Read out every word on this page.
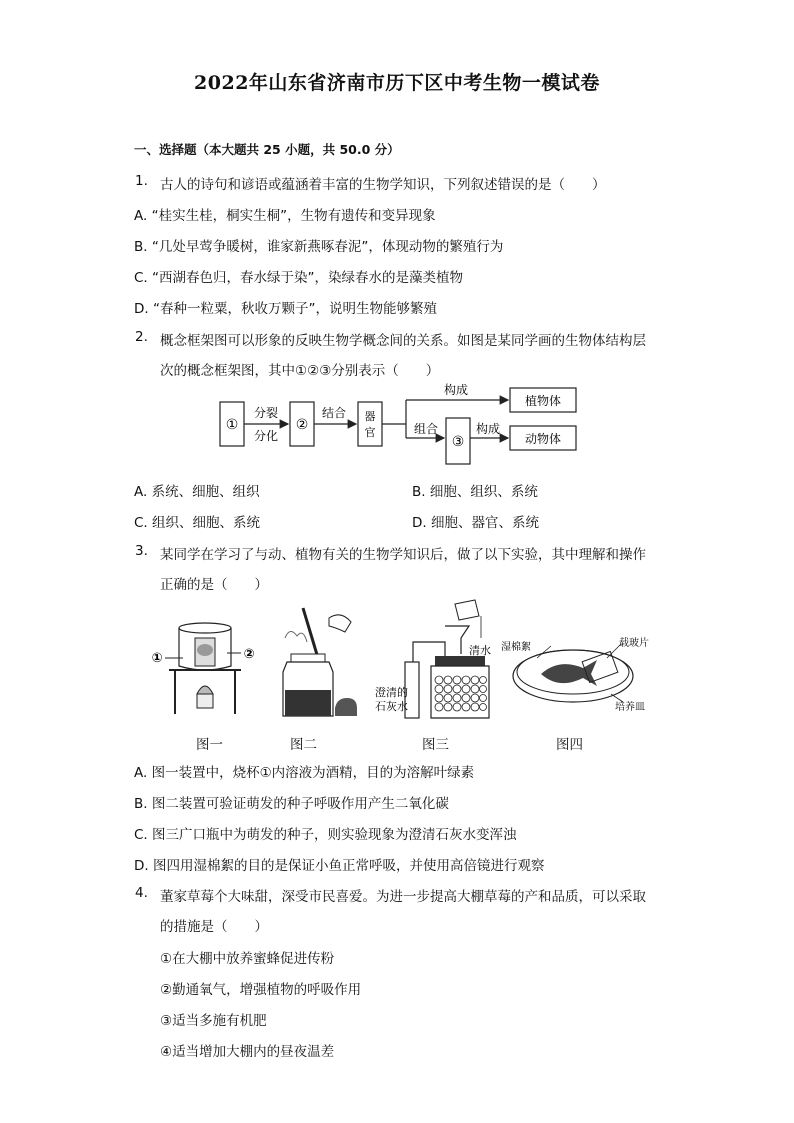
2022年山东省济南市历下区中考生物一模试卷
一、选择题（本大题共 25 小题，共 50.0 分）
1. 古人的诗句和谚语或蕴涵着丰富的生物学知识，下列叙述错误的是（　　）
A. “桂实生桂，桐实生桐”，生物有遗传和变异现象
B. “几处早莺争暖树，谁家新燕啄春泥”，体现动物的繁殖行为
C. “西湖春色归，春水绿于染”，染绿春水的是藻类植物
D. “春种一粒粟，秋收万颗子”，说明生物能够繁殖
2. 概念框架图可以形象的反映生物学概念间的关系。如图是某同学画的生物体结构层
次的概念框架图，其中①②③分别表示（　　）
①
分裂
分化
②
结合 器
官
构成
植物体
组合
③
构成
动物体
A. 系统、细胞、组织	B. 细胞、组织、系统
C. 组织、细胞、系统	D. 细胞、器官、系统
3. 某同学在学习了与动、植物有关的生物学知识后，做了以下实验，其中理解和操作
正确的是（　　）
①	②	清水
澄清的
石灰水
湿棉絮	载玻片
培养皿
图一	图二	图三	图四
A. 图一装置中，烧杯①内溶液为酒精，目的为溶解叶绿素
B. 图二装置可验证萌发的种子呼吸作用产生二氧化碳
C. 图三广口瓶中为萌发的种子，则实验现象为澄清石灰水变浑浊
D. 图四用湿棉絮的目的是保证小鱼正常呼吸，并使用高倍镜进行观察
4. 董家草莓个大味甜，深受市民喜爱。为进一步提高大棚草莓的产和品质，可以采取
的措施是（　　）
①在大棚中放养蜜蜂促进传粉
②勤通氧气，增强植物的呼吸作用
③适当多施有机肥
④适当增加大棚内的昼夜温差
